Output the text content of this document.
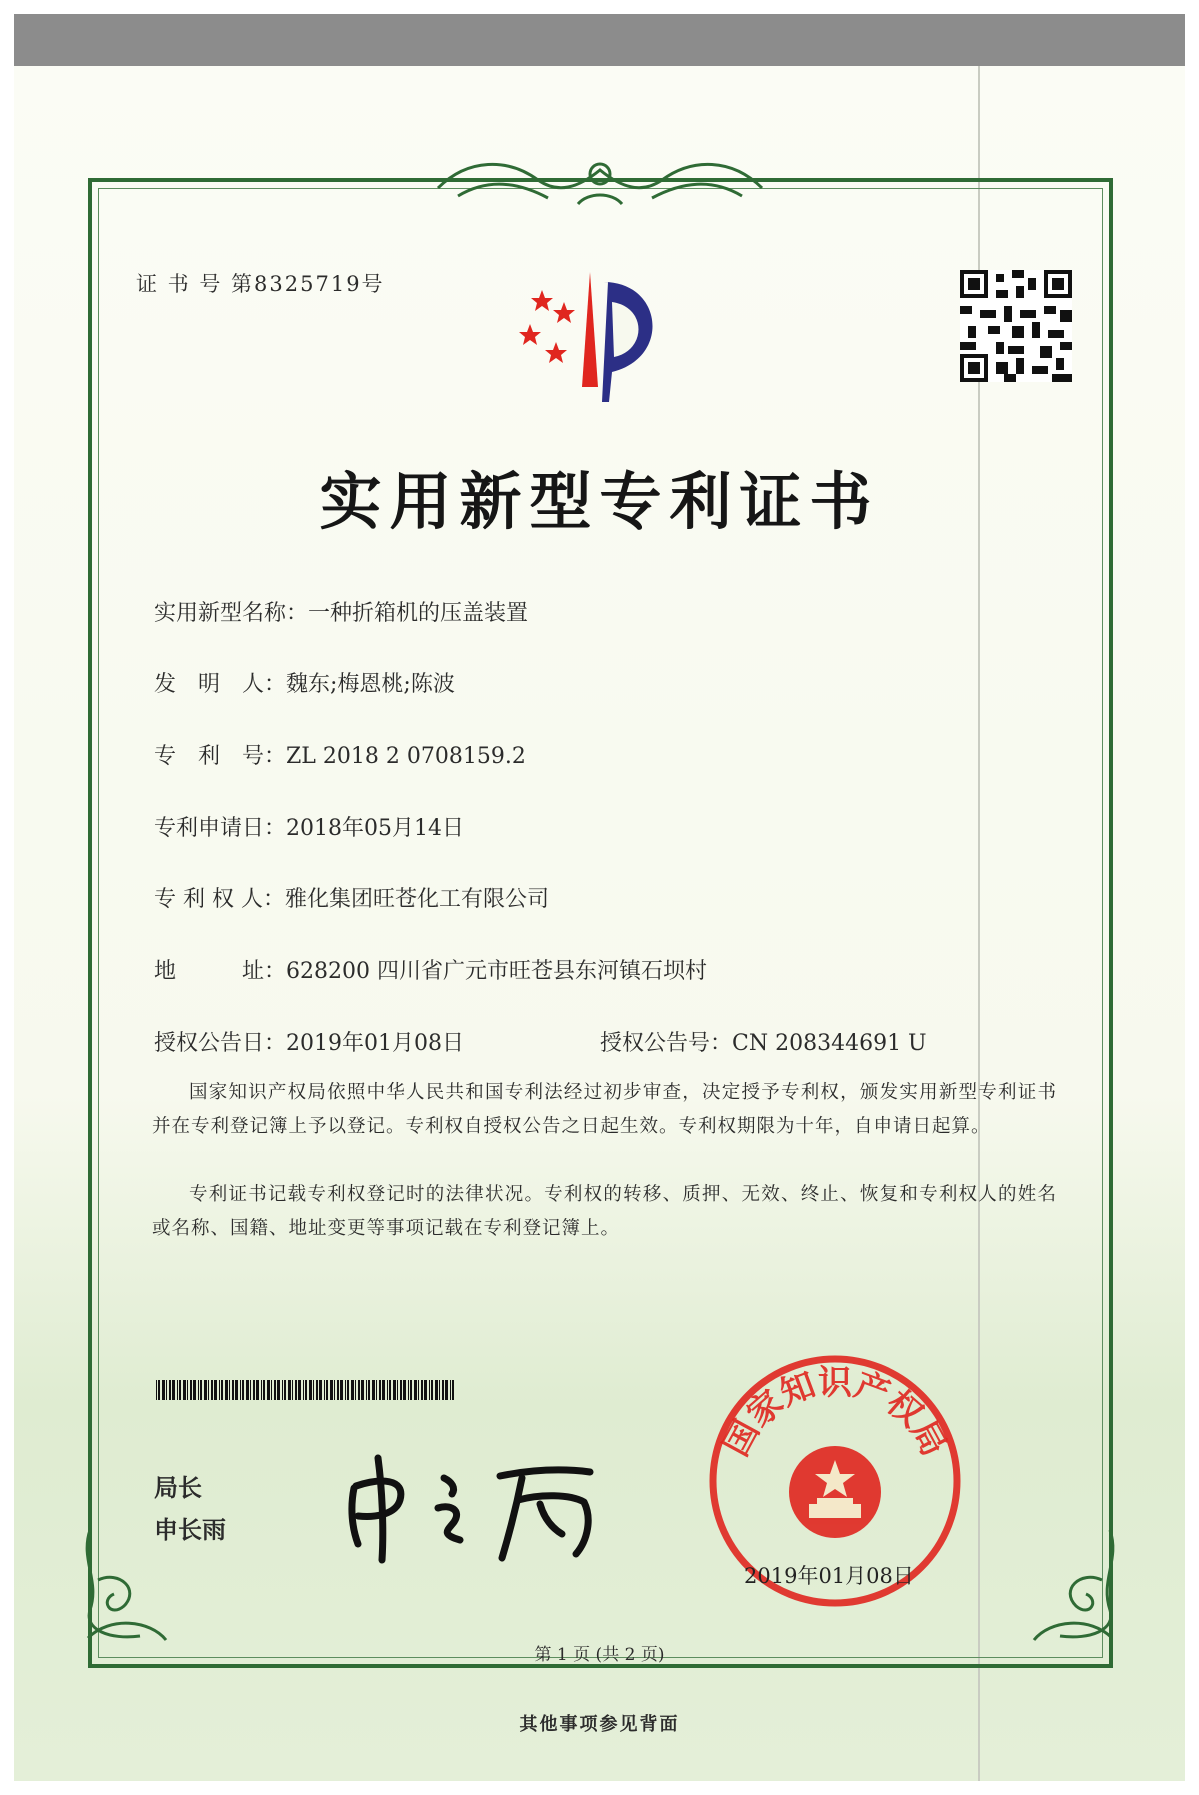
证 书 号 第8325719号
实用新型专利证书
实用新型名称：一种折箱机的压盖装置
发　明　人：魏东;梅恩桃;陈波
专　利　号：ZL 2018 2 0708159.2
专利申请日：2018年05月14日
专 利 权 人：雅化集团旺苍化工有限公司
地　　　址：628200 四川省广元市旺苍县东河镇石坝村
授权公告日：2019年01月08日	授权公告号：CN 208344691 U
国家知识产权局依照中华人民共和国专利法经过初步审查，决定授予专利权，颁发实用新型专利证书并在专利登记簿上予以登记。专利权自授权公告之日起生效。专利权期限为十年，自申请日起算。
专利证书记载专利权登记时的法律状况。专利权的转移、质押、无效、终止、恢复和专利权人的姓名或名称、国籍、地址变更等事项记载在专利登记簿上。
局长
申长雨
国家知识产权局
2019年01月08日
第 1 页 (共 2 页)
其他事项参见背面
